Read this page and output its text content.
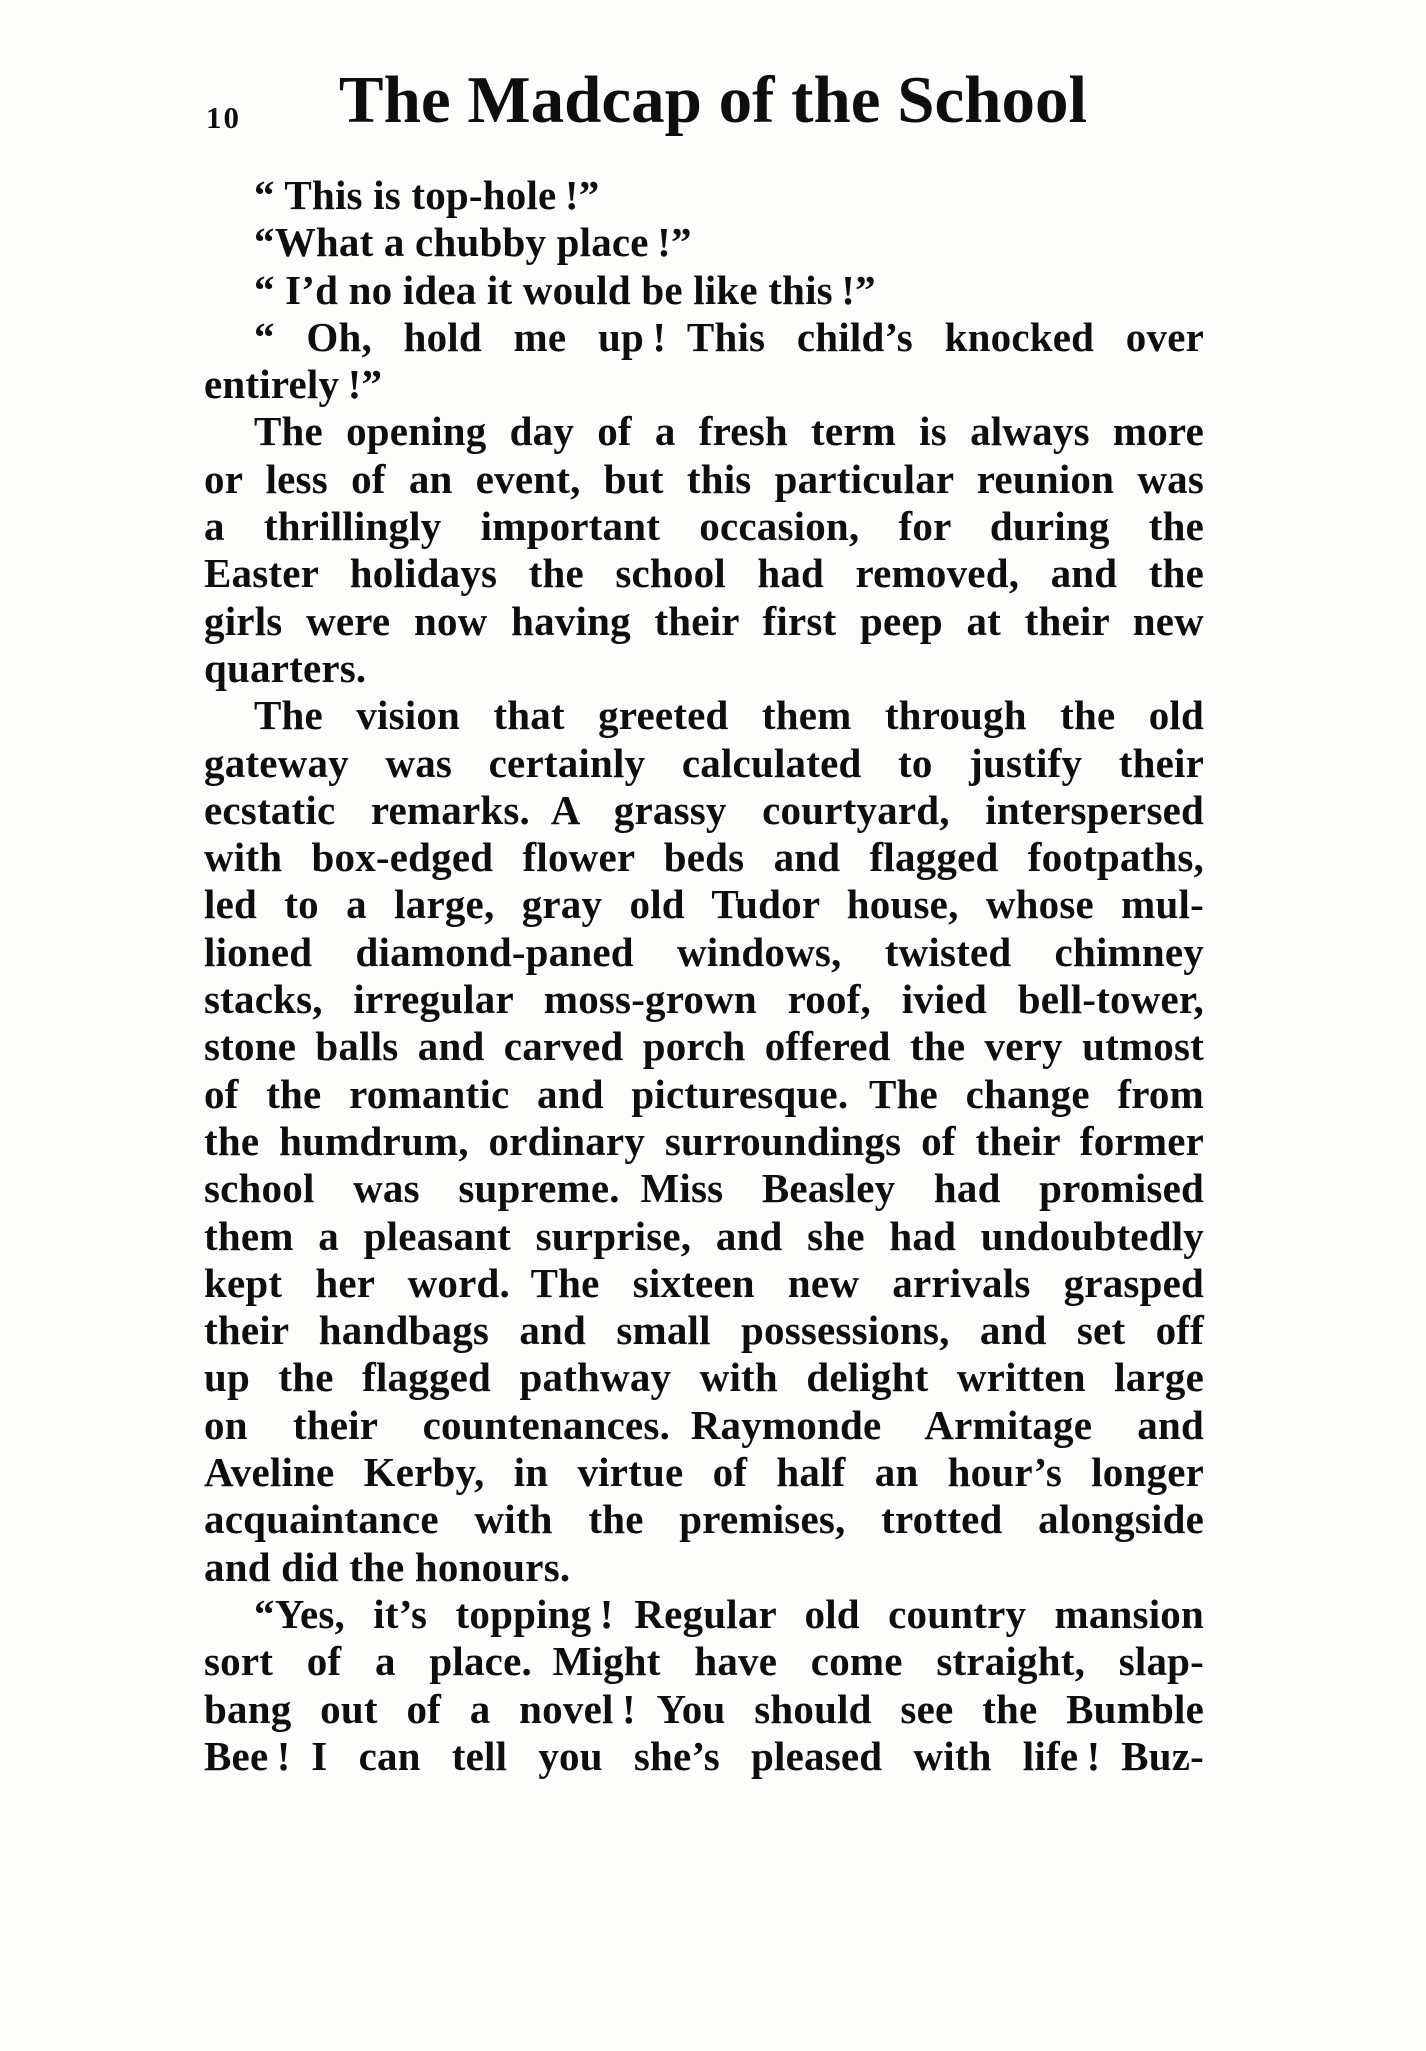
10	The Madcap of the School
“ This is top-hole !”
“What a chubby place !”
“ I’d no idea it would be like this !”
“ Oh, hold me up ! This child’s knocked over
entirely !”
The opening day of a fresh term is always more
or less of an event, but this particular reunion was
a thrillingly important occasion, for during the
Easter holidays the school had removed, and the
girls were now having their first peep at their new
quarters.
The vision that greeted them through the old
gateway was certainly calculated to justify their
ecstatic remarks. A grassy courtyard, interspersed
with box-edged flower beds and flagged footpaths,
led to a large, gray old Tudor house, whose mul-
lioned diamond-paned windows, twisted chimney
stacks, irregular moss-grown roof, ivied bell-tower,
stone balls and carved porch offered the very utmost
of the romantic and picturesque. The change from
the humdrum, ordinary surroundings of their former
school was supreme. Miss Beasley had promised
them a pleasant surprise, and she had undoubtedly
kept her word. The sixteen new arrivals grasped
their handbags and small possessions, and set off
up the flagged pathway with delight written large
on their countenances. Raymonde Armitage and
Aveline Kerby, in virtue of half an hour’s longer
acquaintance with the premises, trotted alongside
and did the honours.
“Yes, it’s topping ! Regular old country mansion
sort of a place. Might have come straight, slap-
bang out of a novel ! You should see the Bumble
Bee ! I can tell you she’s pleased with life ! Buz-
